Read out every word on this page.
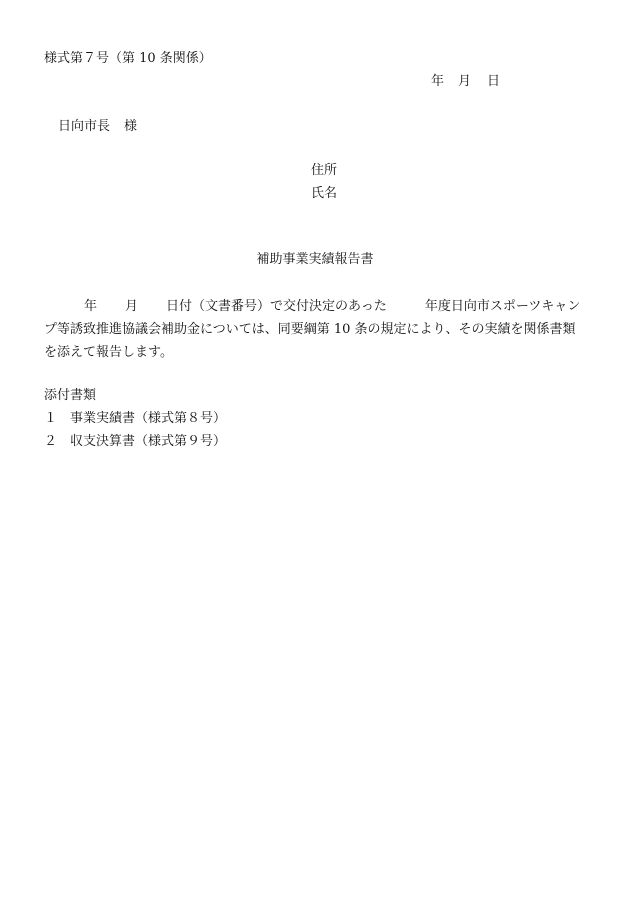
様式第７号（第 10 条関係）
年 月 日
日向市長 様
住所
氏名
補助事業実績報告書
年 月 日付（文書番号）で交付決定のあった	年度日向市スポーツキャンプ等誘致推進協議会補助金については、同要綱第 10 条の規定により、その実績を関係書類を添えて報告します。
添付書類
１ 事業実績書（様式第８号）
２ 収支決算書（様式第９号）
